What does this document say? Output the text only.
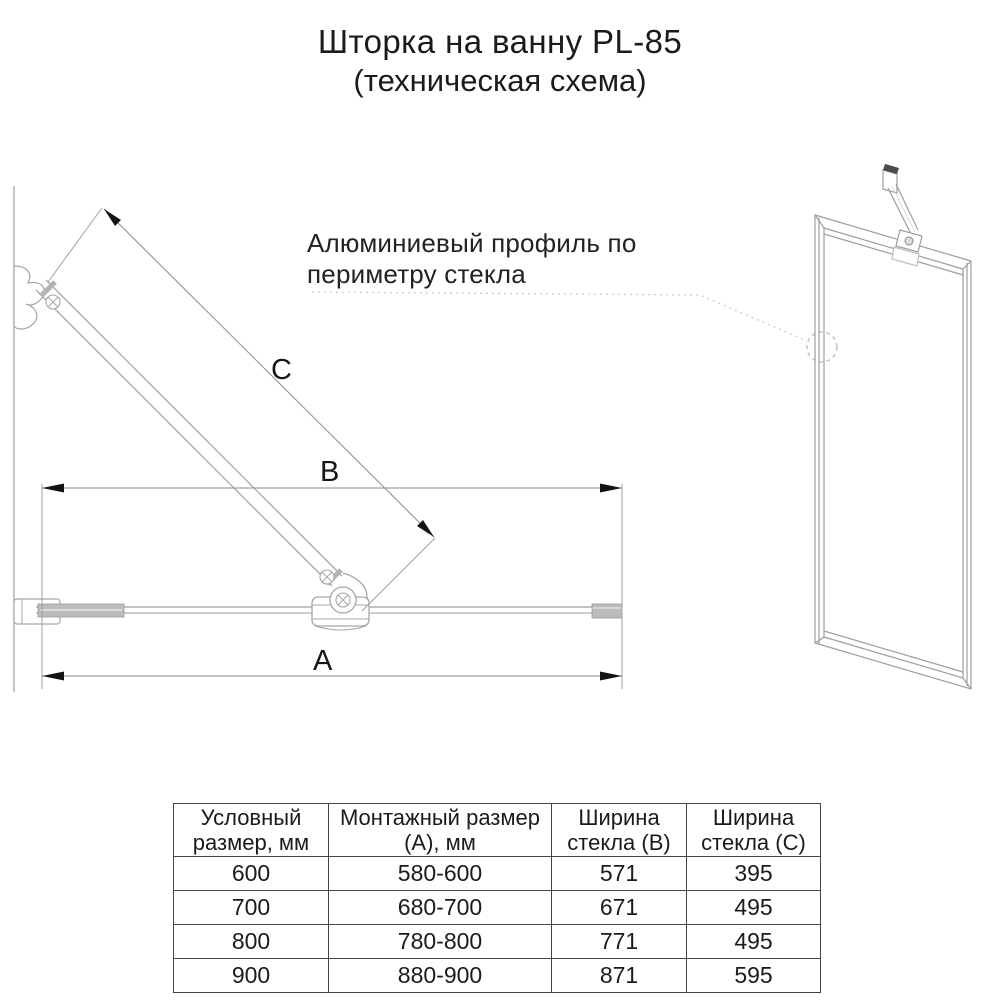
Шторка на ванну PL-85
(техническая схема)
C
B
A
Алюминиевый профиль по
периметру стекла
Условный размер, мм	Монтажный размер (А), мм	Ширина стекла (B)	Ширина стекла (C)
600	580-600	571	395
700	680-700	671	495
800	780-800	771	495
900	880-900	871	595
